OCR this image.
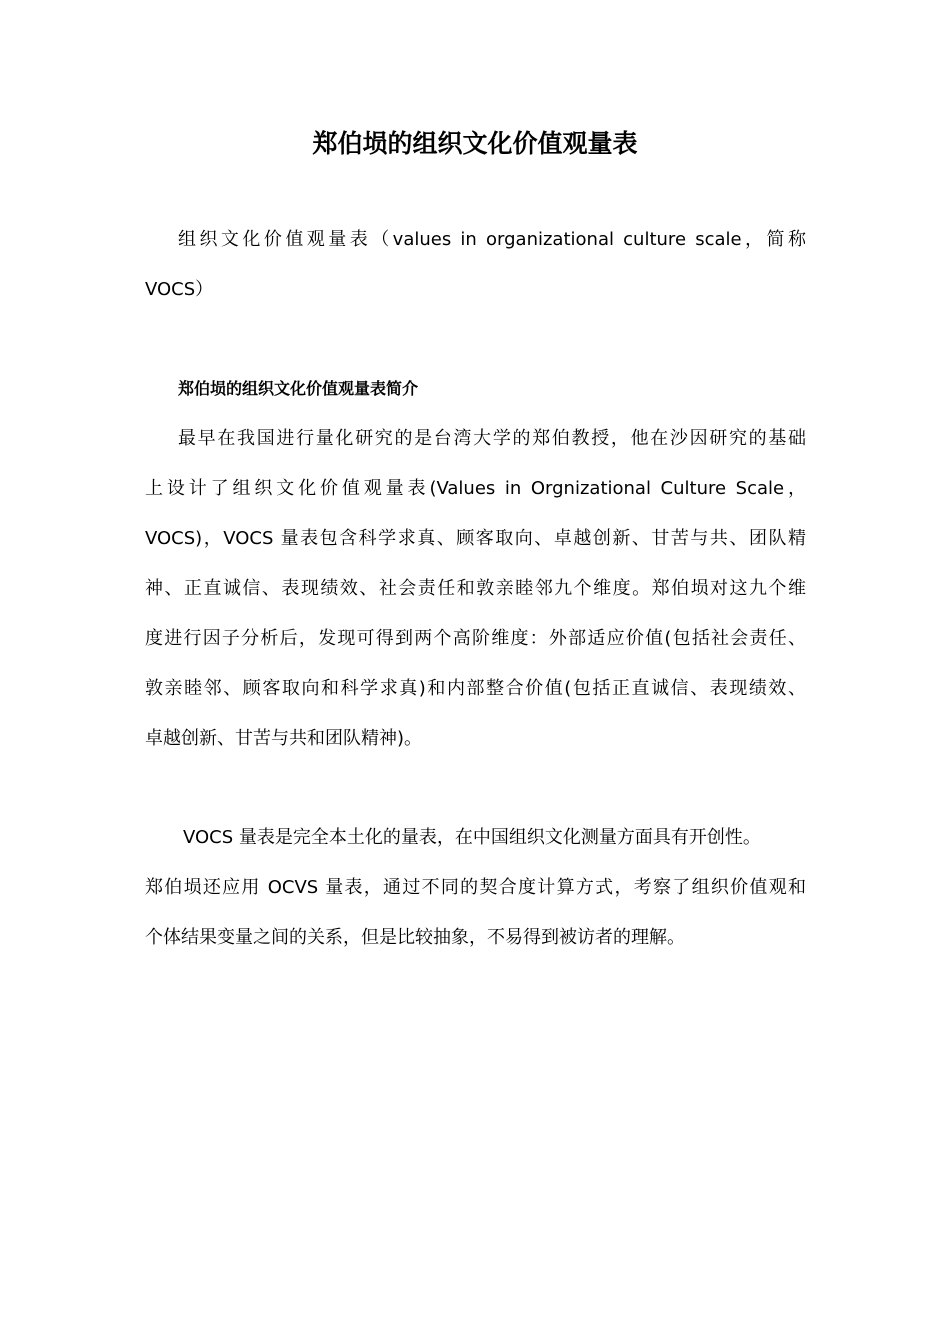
郑伯埙的组织文化价值观量表
组织文化价值观量表（values in organizational culture scale，简称
VOCS）
郑伯埙的组织文化价值观量表简介
最早在我国进行量化研究的是台湾大学的郑伯教授，他在沙因研究的基础
上设计了组织文化价值观量表(Values in Orgnizational Culture Scale，
VOCS)，VOCS 量表包含科学求真、顾客取向、卓越创新、甘苦与共、团队精
神、正直诚信、表现绩效、社会责任和敦亲睦邻九个维度。郑伯埙对这九个维
度进行因子分析后，发现可得到两个高阶维度：外部适应价值(包括社会责任、
敦亲睦邻、顾客取向和科学求真)和内部整合价值(包括正直诚信、表现绩效、
卓越创新、甘苦与共和团队精神)。
VOCS 量表是完全本土化的量表，在中国组织文化测量方面具有开创性。
郑伯埙还应用 OCVS 量表，通过不同的契合度计算方式，考察了组织价值观和
个体结果变量之间的关系，但是比较抽象，不易得到被访者的理解。
